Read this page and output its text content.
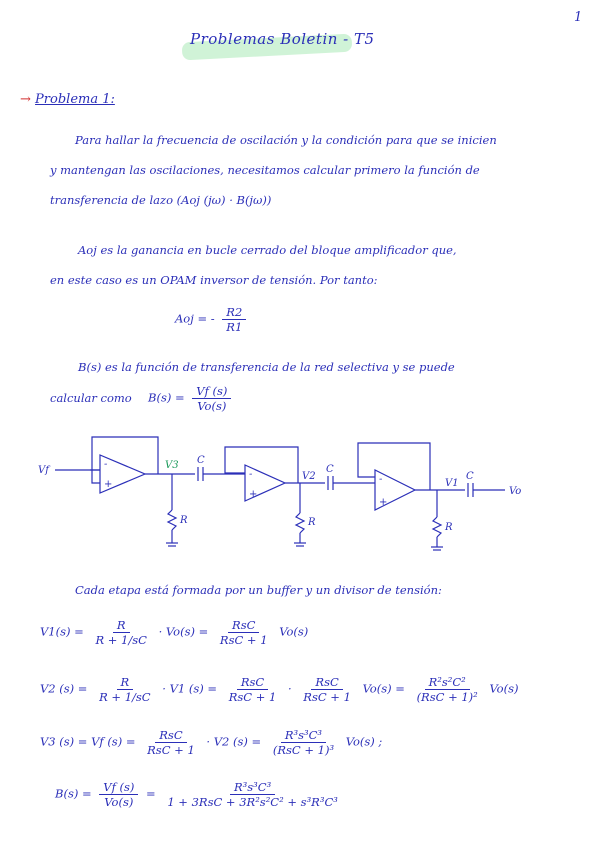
1
Problemas Boletin - T5
→ Problema 1:
Para hallar la frecuencia de oscilación y la condición para que se inicien
y mantengan las oscilaciones, necesitamos calcular primero la función de
transferencia de lazo (Aoj (jω) · B(jω))
Aoj es la ganancia en bucle cerrado del bloque amplificador que,
en este caso es un OPAM inversor de tensión. Por tanto:
Aoj = - $\frac{R2}{R1}$
B(s) es la función de transferencia de la red selectiva y se puede
calcular como $B(s) = \frac{Vf (s)}{Vo(s)}$
Vf
-
+
V3 C
R
-
+
V2
C
R
-
+
V1
C
R
Vo
Cada etapa está formada por un buffer y un divisor de tensión:
$V1(s) = \frac{R}{R + 1/sC} \cdot Vo(s) = \frac{\text{RsC}}{\text{RsC + 1}} Vo(s)$
V2 $(s) = \frac{R}{R + 1/sC} \cdot V1$ $(s) = \frac{\text{RsC}}{\text{RsC + 1}} \cdot \frac{\text{RsC}}{\text{RsC + 1}} Vo(s) = \frac{\text{R²s²C²}}{\text{(RsC + 1)²}} Vo(s)$
V3 (s) = Vf $(s) = \frac{\text{RsC}}{\text{RsC + 1}} \cdot V2$ $(s) = \frac{\text{R³s³C³}}{\text{(RsC + 1)³}} Vo(s)$ ;
$B(s) = \frac{Vf (s)}{Vo(s)} = \frac{\text{R³s³C³}}{\text{1 + 3RsC + 3R²s²C² + s³R³C³}}$
